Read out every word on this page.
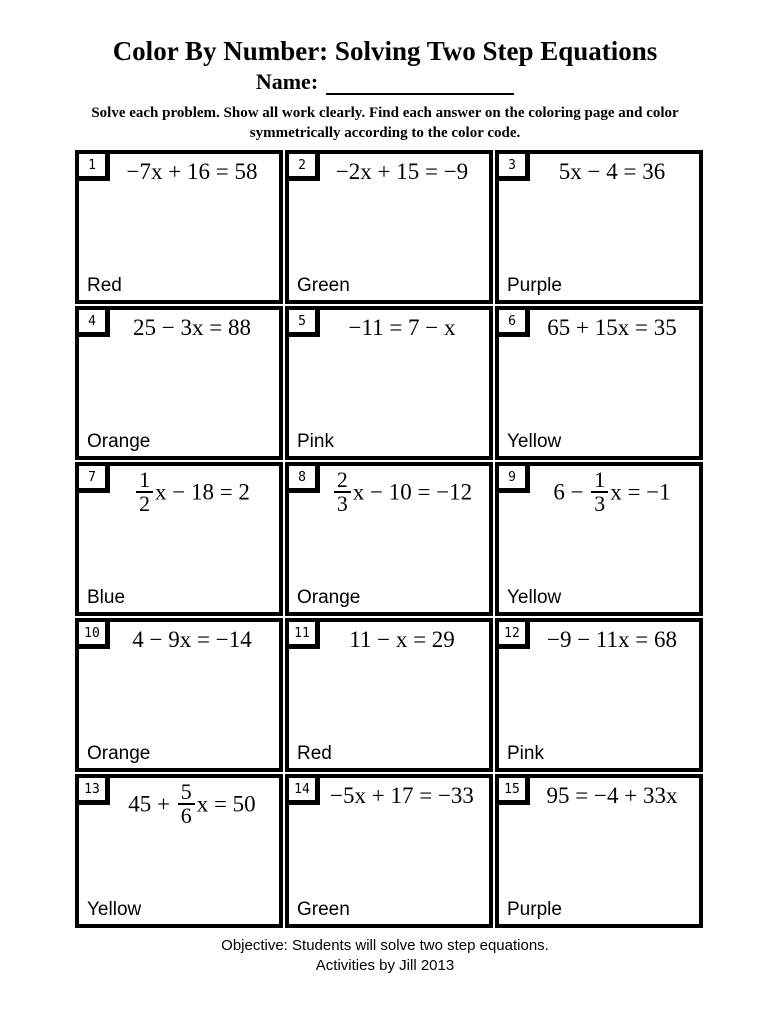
Color By Number: Solving Two Step Equations
Name:
Solve each problem. Show all work clearly. Find each answer on the coloring page and color
symmetrically according to the color code.
1	−7x + 16 = 58
Red
2	−2x + 15 = −9
Green
3	5x − 4 = 36
Purple
4	25 − 3x = 88
Orange
5	−11 = 7 − x
Pink
6	65 + 15x = 35
Yellow
$7 \frac{1}{2}$ x − 18 = 2
Blue
$8 \frac{2}{3}$ x − 10 = −12
Orange
9
$6 - \frac{1}{3}$ x = −1
Yellow
10	4 − 9x = −14
Orange
11	11 − x = 29
Red
12	−9 − 11x = 68
Pink
13
$45 + \frac{5}{6}$ x = 50
Yellow
14 −5x + 17 = −33
Green
15	95 = −4 + 33x
Purple
Objective: Students will solve two step equations.
Activities by Jill 2013
